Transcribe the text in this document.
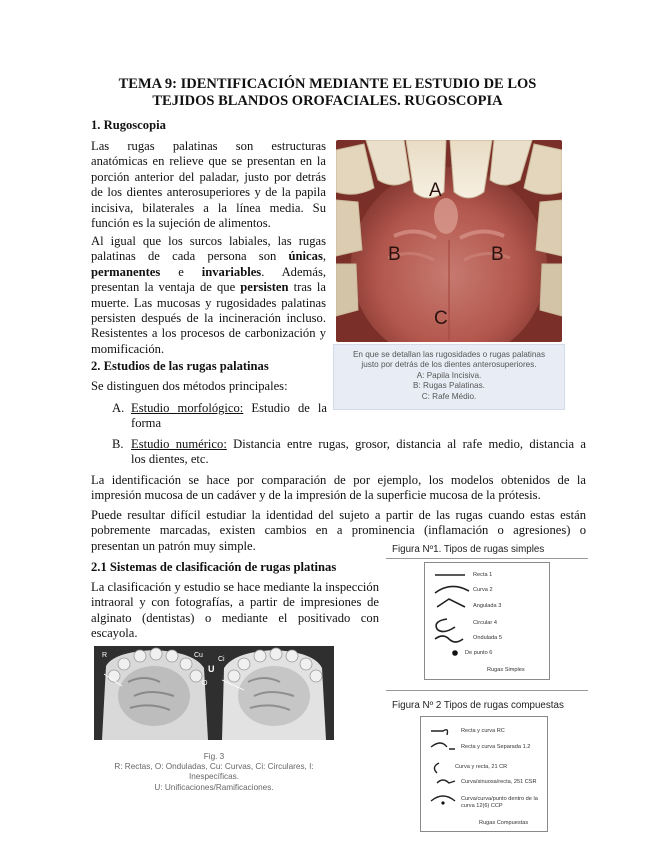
TEMA 9: IDENTIFICACIÓN MEDIANTE EL ESTUDIO DE LOS
TEJIDOS BLANDOS OROFACIALES. RUGOSCOPIA
1. Rugoscopia
Las rugas palatinas son estructuras
anatómicas en relieve que se presentan en la
porción anterior del paladar, justo por detrás
de los dientes anterosuperiores y de la papila
incisiva, bilaterales a la línea media. Su
función es la sujeción de alimentos.
Al igual que los surcos labiales, las rugas
palatinas de cada persona son únicas,
permanentes e invariables. Además,
presentan la ventaja de que persisten tras la
muerte. Las mucosas y rugosidades palatinas
persisten después de la incineración incluso.
Resistentes a los procesos de carbonización y
momificación.
A
B	B
C
En que se detallan las rugosidades o rugas palatinas
justo por detrás de los dientes anterosuperiores.
A: Papila Incisiva.
B: Rugas Palatinas.
C: Rafe Médio.
2. Estudios de las rugas palatinas
Se distinguen dos métodos principales:
A. Estudio morfológico: Estudio de la
forma
B. Estudio numérico: Distancia entre rugas, grosor, distancia al rafe medio, distancia a
los dientes, etc.
La identificación se hace por comparación de por ejemplo, los modelos obtenidos de la
impresión mucosa de un cadáver y de la impresión de la superficie mucosa de la prótesis.
Puede resultar difícil estudiar la identidad del sujeto a partir de las rugas cuando estas están
pobremente marcadas, existen cambios en a prominencia (inflamación o agresiones) o
presentan un patrón muy simple.
2.1 Sistemas de clasificación de rugas platinas
La clasificación y estudio se hace mediante la inspección
intraoral y con fotografías, a partir de impresiones de
alginato (dentistas) o mediante el positivado con
escayola.
Figura Nº1. Tipos de rugas simples
Recta 1
Curva 2
Angulada 3
Circular 4
Ondulada 5
De punto 6
Rugas Simples
Figura Nº 2 Tipos de rugas compuestas
Recta y curva RC
Recta y curva Separada 1.2
Curva y recta, 21 CR
Curva/sinuosa/recta, 251 CSR
Curva/curva/punto dentro de la
curva 12(6) CCP
Rugas Compuestas
R	Cu
O
U
Ci
Fig. 3
R: Rectas, O: Onduladas, Cu: Curvas, Ci: Circulares, I:
Inespecíficas.
U: Unificaciones/Ramificaciones.
